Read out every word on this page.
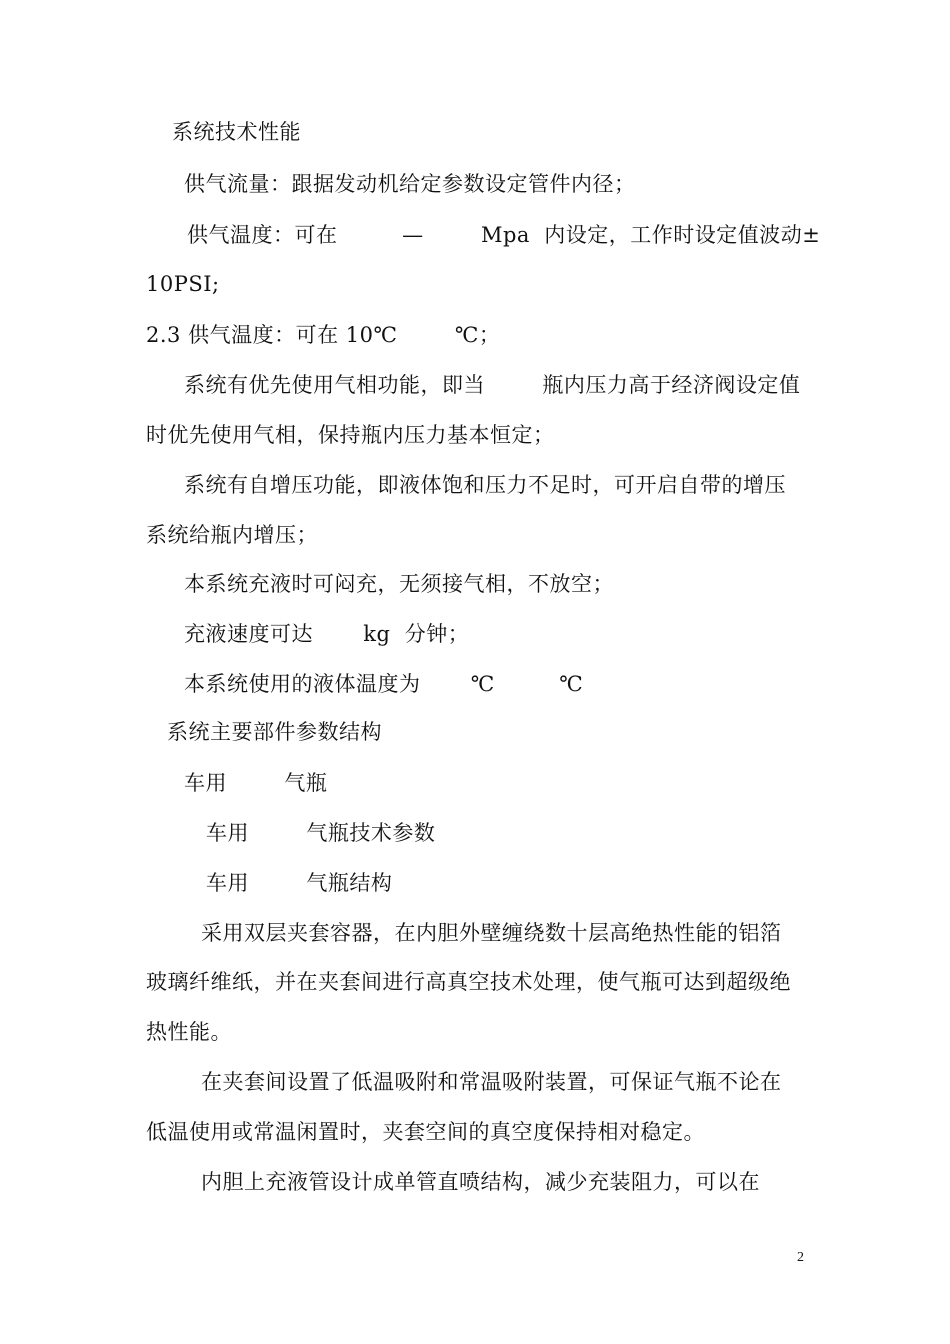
系统技术性能
供气流量：跟据发动机给定参数设定管件内径；
供气温度：可在         —        Mpa  内设定，工作时设定值波动±
10PSI;
2.3 供气温度：可在 10℃        ℃；
系统有优先使用气相功能，即当        瓶内压力高于经济阀设定值
时优先使用气相，保持瓶内压力基本恒定；
系统有自增压功能，即液体饱和压力不足时，可开启自带的增压
系统给瓶内增压；
本系统充液时可闷充，无须接气相，不放空；
充液速度可达       kg  分钟；
本系统使用的液体温度为       ℃         ℃
系统主要部件参数结构
车用        气瓶
车用        气瓶技术参数
车用        气瓶结构
采用双层夹套容器，在内胆外壁缠绕数十层高绝热性能的铝箔
玻璃纤维纸，并在夹套间进行高真空技术处理，使气瓶可达到超级绝
热性能。
在夹套间设置了低温吸附和常温吸附装置，可保证气瓶不论在
低温使用或常温闲置时，夹套空间的真空度保持相对稳定。
内胆上充液管设计成单管直喷结构，减少充装阻力，可以在
2
